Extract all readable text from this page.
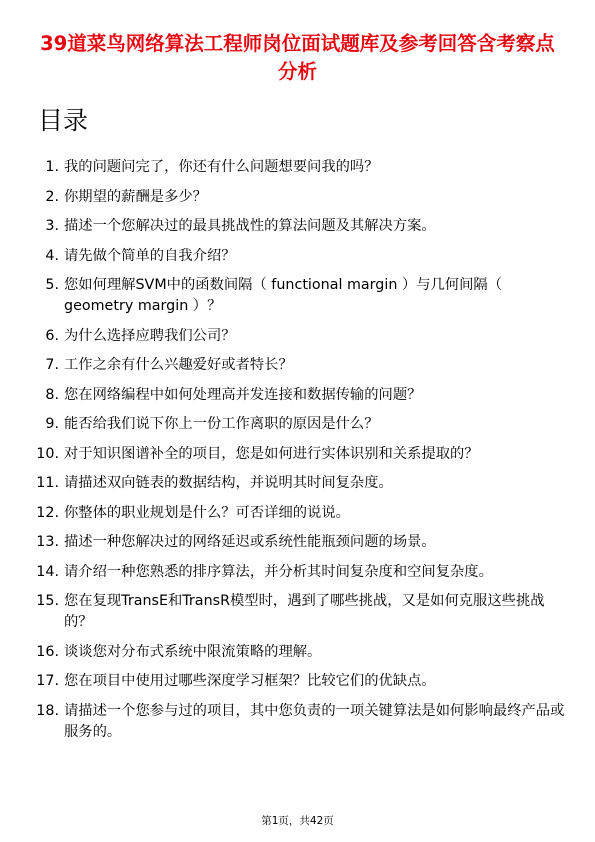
39道菜鸟网络算法工程师岗位面试题库及参考回答含考察点分析
目录
1. 我的问题问完了，你还有什么问题想要问我的吗？
2. 你期望的薪酬是多少？
3. 描述一个您解决过的最具挑战性的算法问题及其解决方案。
4. 请先做个简单的自我介绍？
5. 您如何理解SVM中的函数间隔（ functional margin ）与几何间隔（ geometry margin ）？
6. 为什么选择应聘我们公司？
7. 工作之余有什么兴趣爱好或者特长？
8. 您在网络编程中如何处理高并发连接和数据传输的问题？
9. 能否给我们说下你上一份工作离职的原因是什么？
10. 对于知识图谱补全的项目，您是如何进行实体识别和关系提取的？
11. 请描述双向链表的数据结构，并说明其时间复杂度。
12. 你整体的职业规划是什么？可否详细的说说。
13. 描述一种您解决过的网络延迟或系统性能瓶颈问题的场景。
14. 请介绍一种您熟悉的排序算法，并分析其时间复杂度和空间复杂度。
15. 您在复现TransE和TransR模型时，遇到了哪些挑战，又是如何克服这些挑战的？
16. 谈谈您对分布式系统中限流策略的理解。
17. 您在项目中使用过哪些深度学习框架？比较它们的优缺点。
18. 请描述一个您参与过的项目，其中您负责的一项关键算法是如何影响最终产品或服务的。
第1页，共42页
